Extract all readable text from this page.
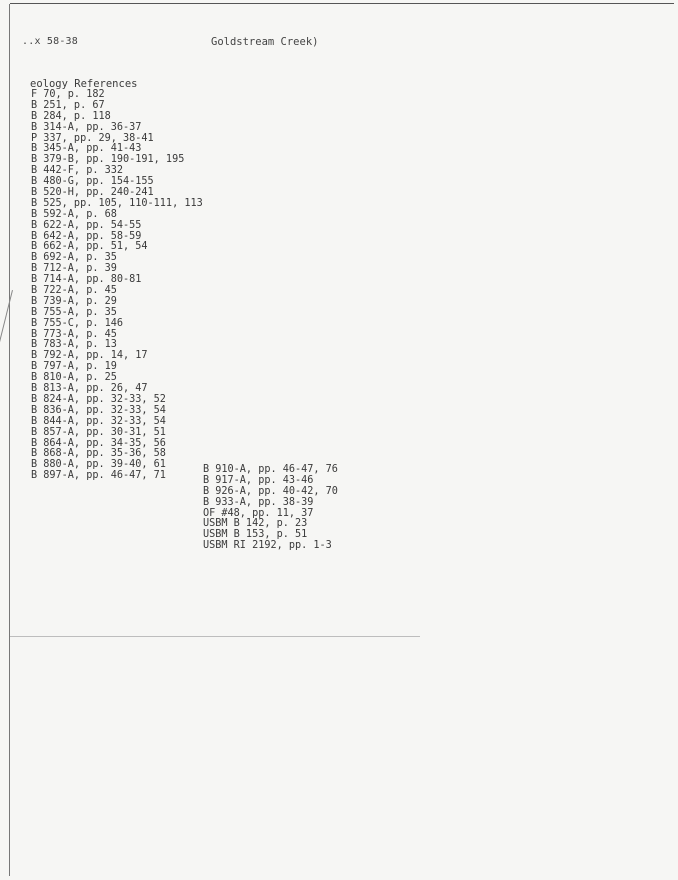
..x 58-38	Goldstream Creek)
eology References
F 70, p. 182
B 251, p. 67
B 284, p. 118
B 314-A, pp. 36-37
P 337, pp. 29, 38-41
B 345-A, pp. 41-43
B 379-B, pp. 190-191, 195
B 442-F, p. 332
B 480-G, pp. 154-155
B 520-H, pp. 240-241
B 525, pp. 105, 110-111, 113
B 592-A, p. 68
B 622-A, pp. 54-55
B 642-A, pp. 58-59
B 662-A, pp. 51, 54
B 692-A, p. 35
B 712-A, p. 39
B 714-A, pp. 80-81
B 722-A, p. 45
B 739-A, p. 29
B 755-A, p. 35
B 755-C, p. 146
B 773-A, p. 45
B 783-A, p. 13
B 792-A, pp. 14, 17
B 797-A, p. 19
B 810-A, p. 25
B 813-A, pp. 26, 47
B 824-A, pp. 32-33, 52
B 836-A, pp. 32-33, 54
B 844-A, pp. 32-33, 54
B 857-A, pp. 30-31, 51
B 864-A, pp. 34-35, 56
B 868-A, pp. 35-36, 58
B 880-A, pp. 39-40, 61
B 897-A, pp. 46-47, 71
B 910-A, pp. 46-47, 76
B 917-A, pp. 43-46
B 926-A, pp. 40-42, 70
B 933-A, pp. 38-39
OF #48, pp. 11, 37
USBM B 142, p. 23
USBM B 153, p. 51
USBM RI 2192, pp. 1-3
